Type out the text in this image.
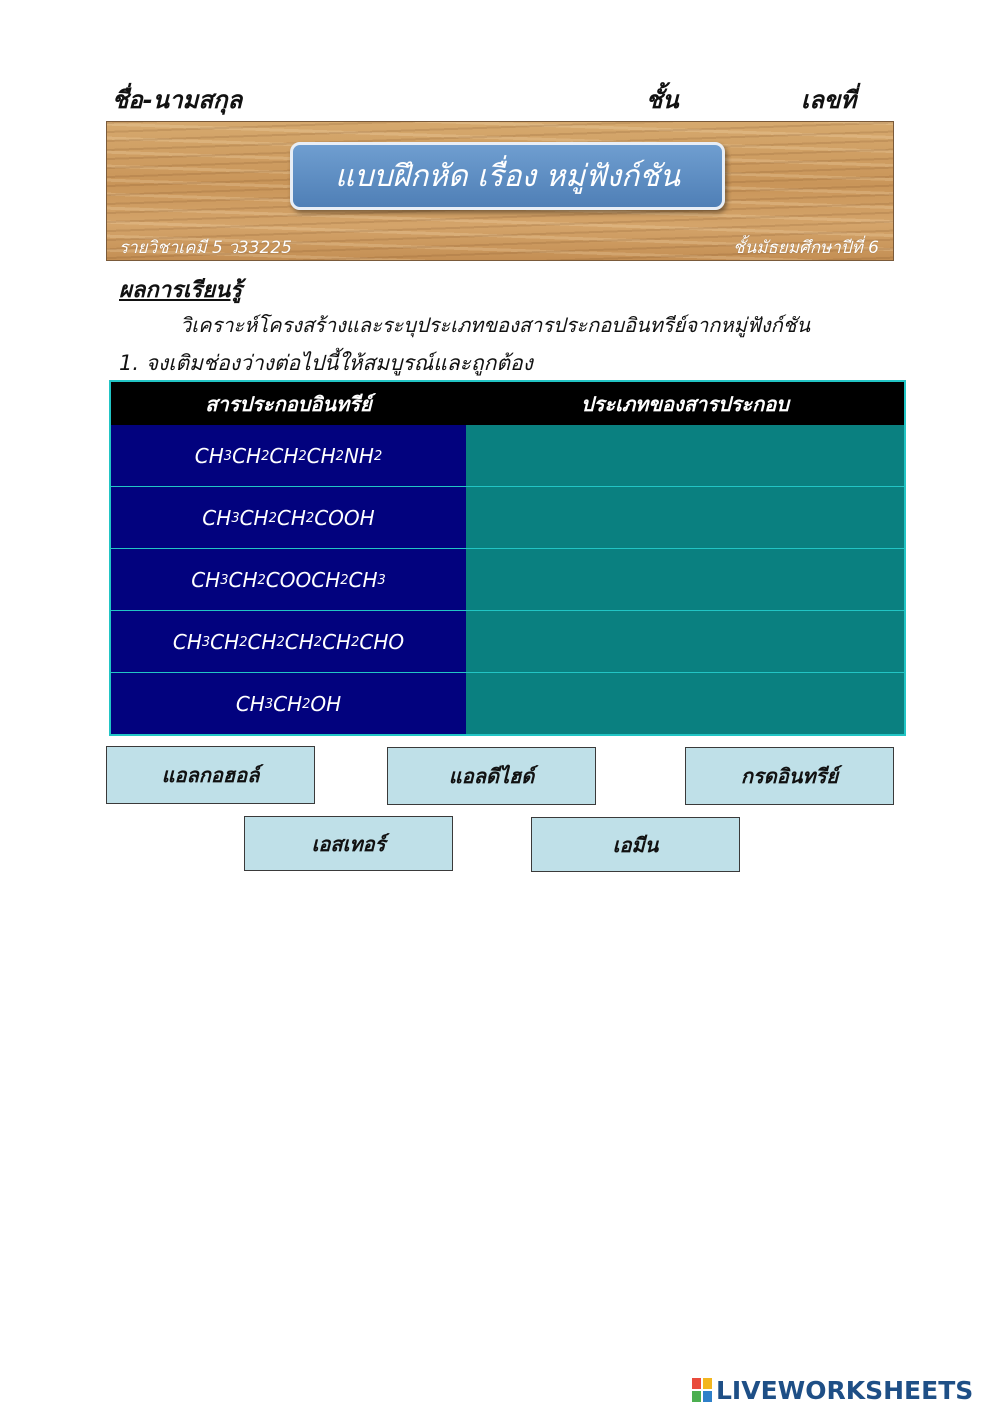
ชื่อ-นามสกุล	ชั้น	เลขที่
แบบฝึกหัด เรื่อง หมู่ฟังก์ชัน
รายวิชาเคมี 5 ว33225	ชั้นมัธยมศึกษาปีที่ 6
ผลการเรียนรู้
วิเคราะห์โครงสร้างและระบุประเภทของสารประกอบอินทรีย์จากหมู่ฟังก์ชัน
1. จงเติมช่องว่างต่อไปนี้ให้สมบูรณ์และถูกต้อง
สารประกอบอินทรีย์	ประเภทของสารประกอบ
CH 3 CH 2 CH 2 CH 2 NH 2
CH 3 CH 2 CH 2 COOH
CH 3 CH 2 COOCH 2 CH 3
CH 3 CH 2 CH 2 CH 2 CH 2 CHO
CH 3 CH 2 OH
แอลกอฮอล์	แอลดีไฮด์	กรดอินทรีย์
เอสเทอร์	เอมีน
LIVEWORKSHEETS
